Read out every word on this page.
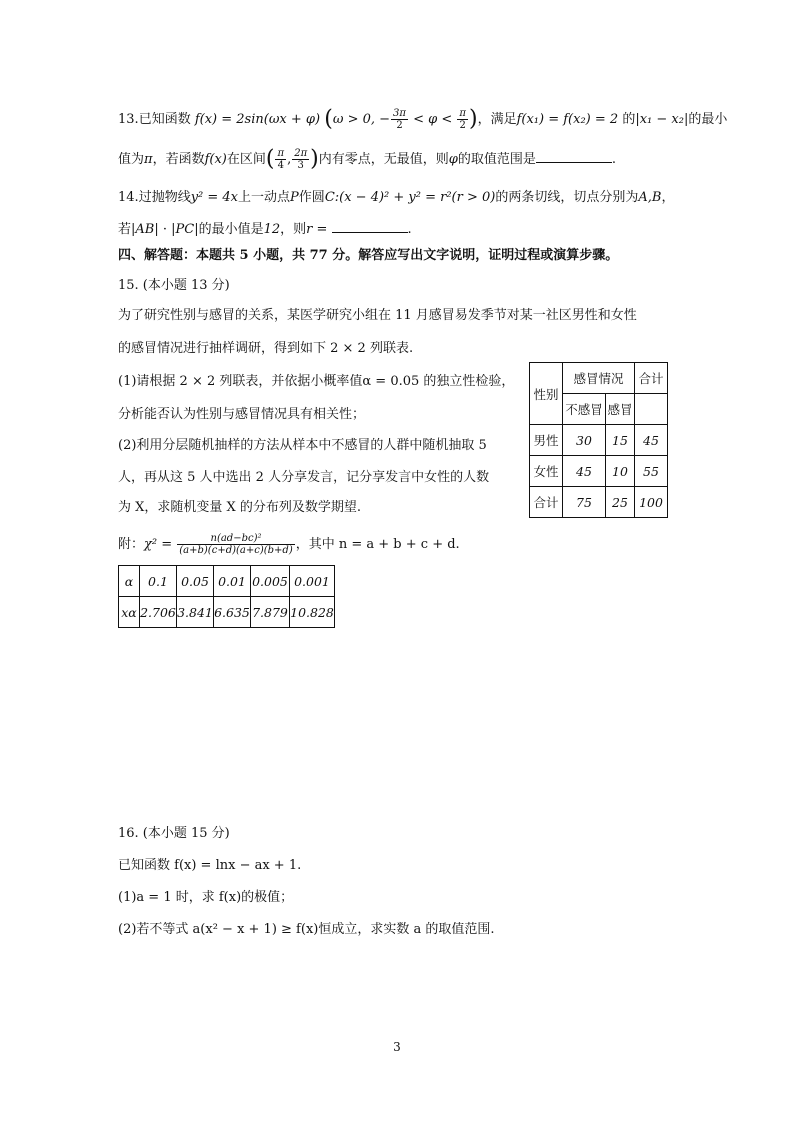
13.已知函数 f(x) = 2sin(ωx + φ) (ω > 0, − $\frac{3\pi}{2} < \varphi < \frac{\pi}{2}$ )，满足f(x₁) = f(x₂) = 2 的|x₁ − x₂|的最小
值为π，若函数f(x)在区间( $\frac{\pi}{4}$ , $\frac{2\pi}{3}$ )内有零点，无最值，则φ的取值范围是	.
14.过抛物线y² = 4x上一动点P作圆C:(x − 4)² + y² = r²(r > 0)的两条切线，切点分别为A,B，
若|AB| · |PC|的最小值是12，则r =	.
四、解答题：本题共 5 小题，共 77 分。解答应写出文字说明，证明过程或演算步骤。
15. (本小题 13 分)
为了研究性别与感冒的关系，某医学研究小组在 11 月感冒易发季节对某一社区男性和女性
的感冒情况进行抽样调研，得到如下 2 × 2 列联表.
(1)请根据 2 × 2 列联表，并依据小概率值α = 0.05 的独立性检验，
分析能否认为性别与感冒情况具有相关性；
(2)利用分层随机抽样的方法从样本中不感冒的人群中随机抽取 5
人，再从这 5 人中选出 2 人分享发言，记分享发言中女性的人数
为 X，求随机变量 X 的分布列及数学期望.
附：$\chi^2 = \frac{\text{n(ad−bc)²}}{(a+b)(c+d)(a+c)(b+d)}$ ，其中 n = a + b + c + d.
性别	感冒情况		合计
	不感冒	感冒	
男性	30	15	45
女性	45	10	55
合计	75	25	100
α	0.1	0.05	0.01	0.005	0.001
xα	2.706	3.841	6.635	7.879	10.828
16. (本小题 15 分)
已知函数 f(x) = lnx − ax + 1.
(1)a = 1 时，求 f(x)的极值；
(2)若不等式 a(x² − x + 1) ≥ f(x)恒成立，求实数 a 的取值范围.
3
